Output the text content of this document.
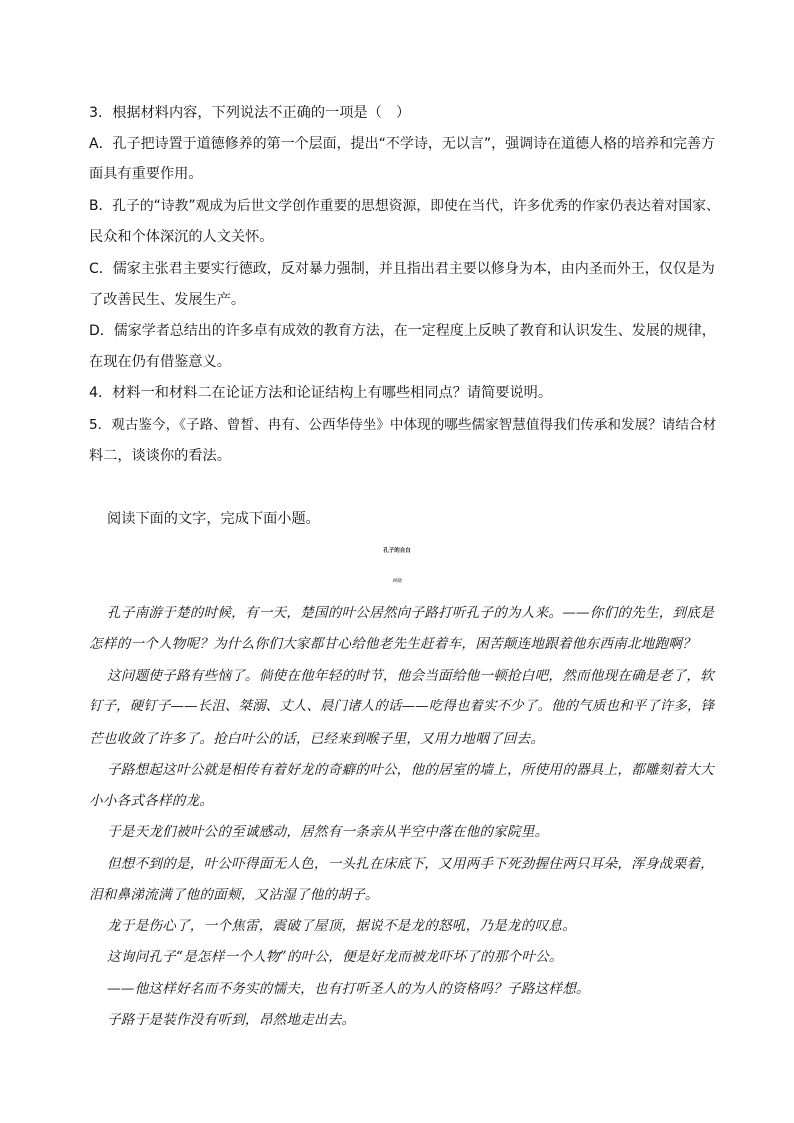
3．根据材料内容，下列说法不正确的一项是（　）
A．孔子把诗置于道德修养的第一个层面，提出“不学诗，无以言”，强调诗在道德人格的培养和完善方
面具有重要作用。
B．孔子的“诗教”观成为后世文学创作重要的思想资源，即使在当代，许多优秀的作家仍表达着对国家、
民众和个体深沉的人文关怀。
C．儒家主张君主要实行德政，反对暴力强制，并且指出君主要以修身为本，由内圣而外王，仅仅是为
了改善民生、发展生产。
D．儒家学者总结出的许多卓有成效的教育方法，在一定程度上反映了教育和认识发生、发展的规律，
在现在仍有借鉴意义。
4．材料一和材料二在论证方法和论证结构上有哪些相同点？请简要说明。
5．观古鉴今，《子路、曾皙、冉有、公西华侍坐》中体现的哪些儒家智慧值得我们传承和发展？请结合材
料二，谈谈你的看法。
阅读下面的文字，完成下面小题。
孔子的自白
顾随
孔子南游于楚的时候，有一天，楚国的叶公居然向子路打听孔子的为人来。——你们的先生，到底是
怎样的一个人物呢？为什么你们大家都甘心给他老先生赶着车，困苦颠连地跟着他东西南北地跑啊？
这问题使子路有些恼了。倘使在他年轻的时节，他会当面给他一顿抢白吧，然而他现在确是老了，软
钉子，硬钉子——长沮、桀溺、丈人、晨门诸人的话——吃得也着实不少了。他的气质也和平了许多，锋
芒也收敛了许多了。抢白叶公的话，已经来到喉子里，又用力地咽了回去。
子路想起这叶公就是相传有着好龙的奇癖的叶公，他的居室的墙上，所使用的器具上，都雕刻着大大
小小各式各样的龙。
于是天龙们被叶公的至诚感动，居然有一条亲从半空中落在他的家院里。
但想不到的是，叶公吓得面无人色，一头扎在床底下，又用两手下死劲握住两只耳朵，浑身战栗着，
泪和鼻涕流满了他的面颊，又沾湿了他的胡子。
龙于是伤心了，一个焦雷，震破了屋顶，据说不是龙的怒吼，乃是龙的叹息。
这询问孔子“是怎样一个人物”的叶公，便是好龙而被龙吓坏了的那个叶公。
——他这样好名而不务实的懦夫，也有打听圣人的为人的资格吗？子路这样想。
子路于是装作没有听到，昂然地走出去。
